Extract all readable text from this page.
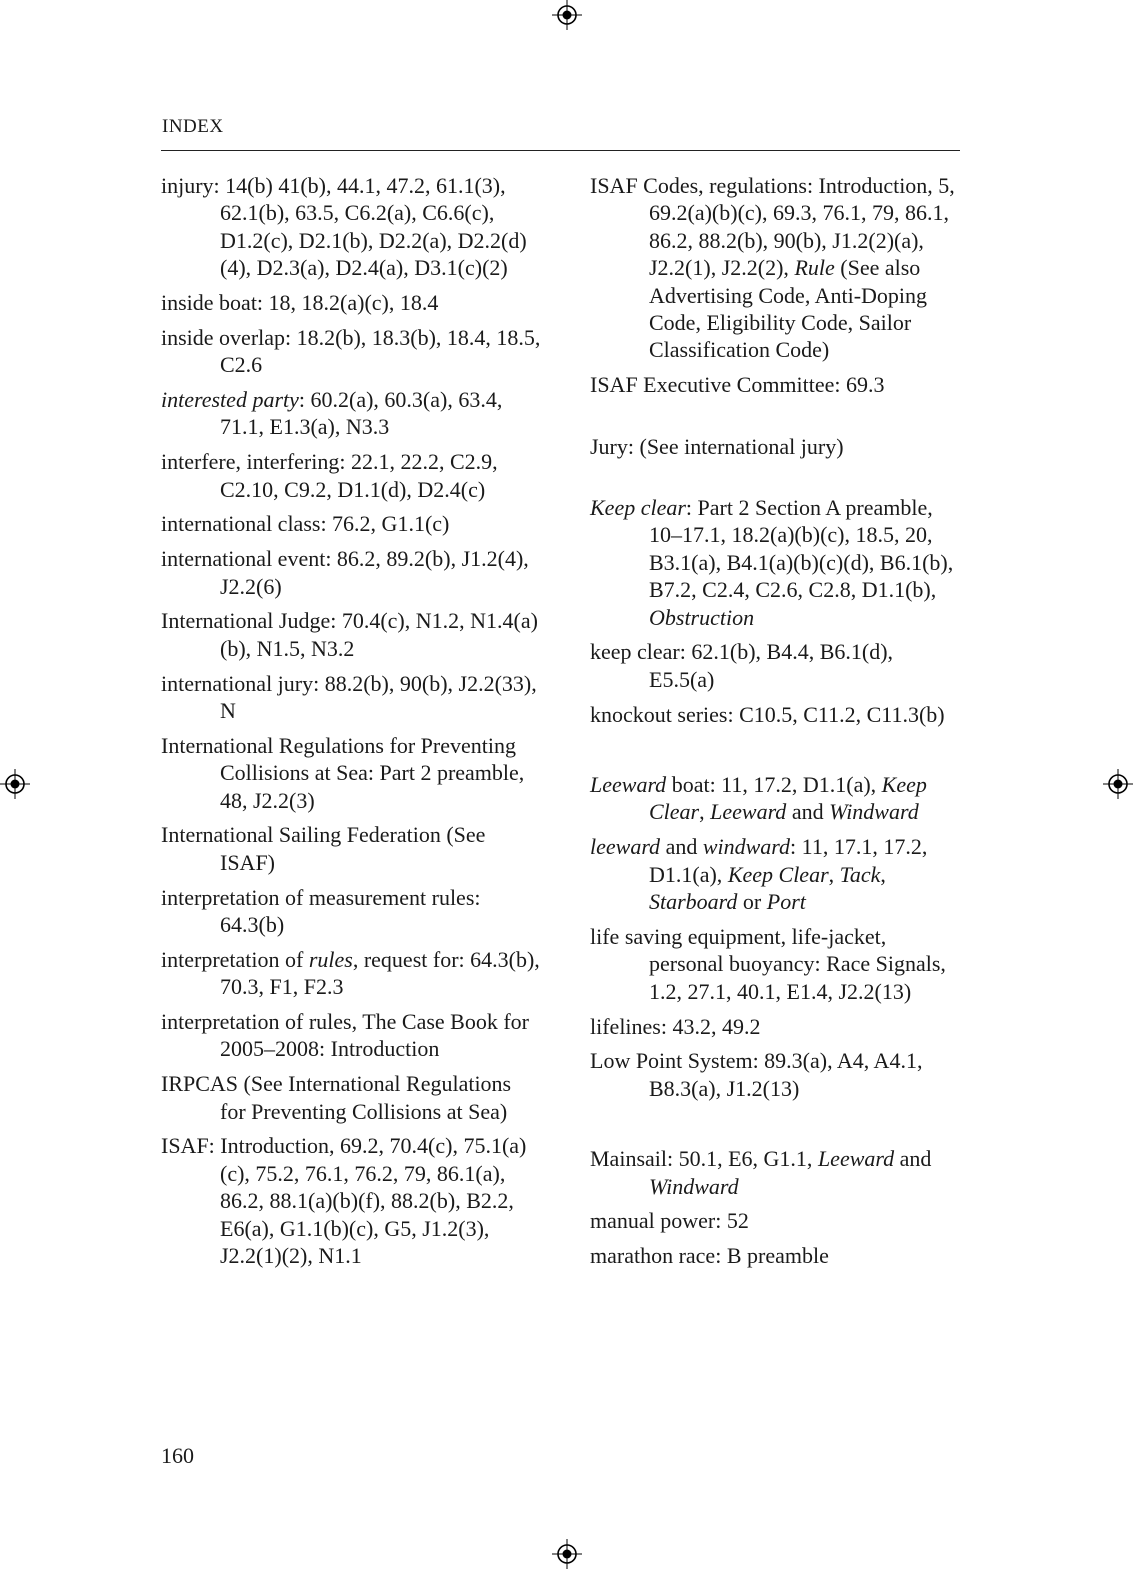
INDEX

injury: 14(b) 41(b), 44.1, 47.2, 61.1(3), 62.1(b), 63.5, C6.2(a), C6.6(c), D1.2(c), D2.1(b), D2.2(a), D2.2(d)(4), D2.3(a), D2.4(a), D3.1(c)(2)

inside boat: 18, 18.2(a)(c), 18.4

inside overlap: 18.2(b), 18.3(b), 18.4, 18.5, C2.6

interested party: 60.2(a), 60.3(a), 63.4, 71.1, E1.3(a), N3.3

interfere, interfering: 22.1, 22.2, C2.9, C2.10, C9.2, D1.1(d), D2.4(c)

international class: 76.2, G1.1(c)

international event: 86.2, 89.2(b), J1.2(4), J2.2(6)

International Judge: 70.4(c), N1.2, N1.4(a)(b), N1.5, N3.2

international jury: 88.2(b), 90(b), J2.2(33), N

International Regulations for Preventing Collisions at Sea: Part 2 preamble, 48, J2.2(3)

International Sailing Federation (See ISAF)

interpretation of measurement rules: 64.3(b)

interpretation of rules, request for: 64.3(b), 70.3, F1, F2.3

interpretation of rules, The Case Book for 2005–2008: Introduction

IRPCAS (See International Regulations for Preventing Collisions at Sea)

ISAF: Introduction, 69.2, 70.4(c), 75.1(a)(c), 75.2, 76.1, 76.2, 79, 86.1(a), 86.2, 88.1(a)(b)(f), 88.2(b), B2.2, E6(a), G1.1(b)(c), G5, J1.2(3), J2.2(1)(2), N1.1

ISAF Codes, regulations: Introduction, 5, 69.2(a)(b)(c), 69.3, 76.1, 79, 86.1, 86.2, 88.2(b), 90(b), J1.2(2)(a), J2.2(1), J2.2(2), Rule (See also Advertising Code, Anti-Doping Code, Eligibility Code, Sailor Classification Code)

ISAF Executive Committee: 69.3

Jury: (See international jury)

Keep clear: Part 2 Section A preamble, 10–17.1, 18.2(a)(b)(c), 18.5, 20, B3.1(a), B4.1(a)(b)(c)(d), B6.1(b), B7.2, C2.4, C2.6, C2.8, D1.1(b), Obstruction

keep clear: 62.1(b), B4.4, B6.1(d), E5.5(a)

knockout series: C10.5, C11.2, C11.3(b)

Leeward boat: 11, 17.2, D1.1(a), Keep Clear, Leeward and Windward

leeward and windward: 11, 17.1, 17.2, D1.1(a), Keep Clear, Tack, Starboard or Port

life saving equipment, life-jacket, personal buoyancy: Race Signals, 1.2, 27.1, 40.1, E1.4, J2.2(13)

lifelines: 43.2, 49.2

Low Point System: 89.3(a), A4, A4.1, B8.3(a), J1.2(13)

Mainsail: 50.1, E6, G1.1, Leeward and Windward

manual power: 52

marathon race: B preamble

160
